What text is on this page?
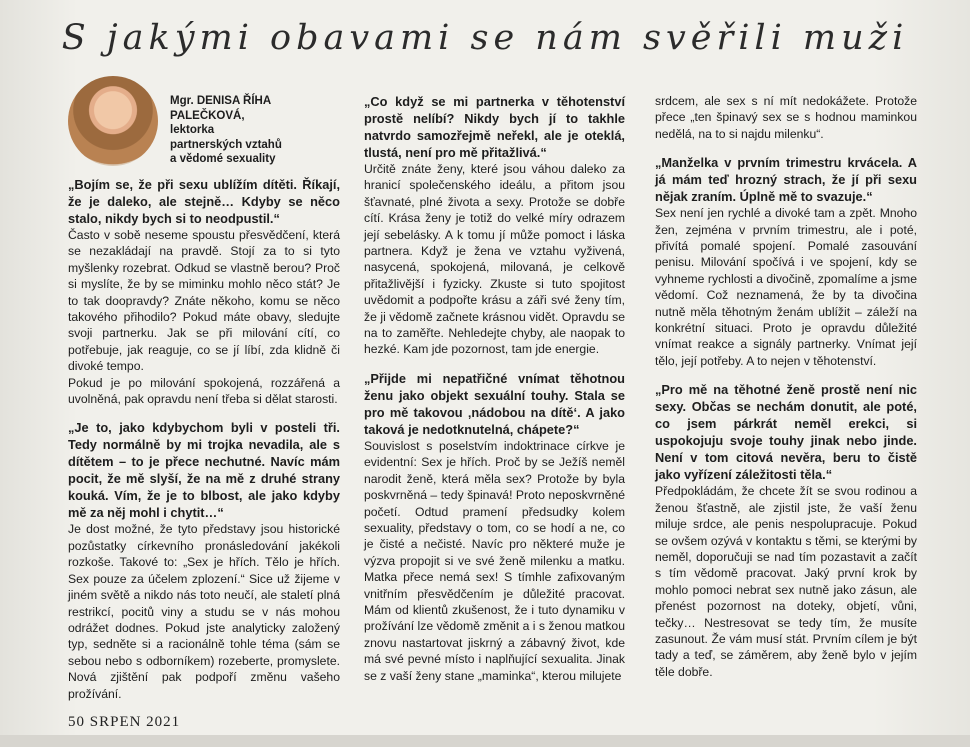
S jakými obavami se nám svěřili muži
Mgr. DENISA ŘÍHA PALEČKOVÁ,
lektorka
partnerských vztahů
a vědomé sexuality

„Bojím se, že při sexu ublížím dítěti. Říkají, že je daleko, ale stejně… Kdyby se něco stalo, nikdy bych si to neodpustil.“

Často v sobě neseme spoustu přesvědčení, která se nezakládají na pravdě. Stojí za to si tyto myšlenky rozebrat. Odkud se vlastně berou? Proč si myslíte, že by se miminku mohlo něco stát? Je to tak doopravdy? Znáte někoho, komu se něco takového přihodilo? Pokud máte obavy, sledujte svoji partnerku. Jak se při milování cítí, co potřebuje, jak reaguje, co se jí líbí, zda klidně či divoké tempo.

Pokud je po milování spokojená, rozzářená a uvolněná, pak opravdu není třeba si dělat starosti.

„Je to, jako kdybychom byli v posteli tři. Tedy normálně by mi trojka nevadila, ale s dítětem – to je přece nechutné. Navíc mám pocit, že mě slyší, že na mě z druhé strany kouká. Vím, že je to blbost, ale jako kdyby mě za něj mohl i chytit…“

Je dost možné, že tyto představy jsou historické pozůstatky církevního pronásledování jakékoli rozkoše. Takové to: „Sex je hřích. Tělo je hřích. Sex pouze za účelem zplození.“ Sice už žijeme v jiném světě a nikdo nás toto neučí, ale staletí plná restrikcí, pocitů viny a studu se v nás mohou odrážet dodnes. Pokud jste analyticky založený typ, sedněte si a racionálně tohle téma (sám se sebou nebo s odborníkem) rozeberte, promyslete. Nová zjištění pak podpoří změnu vašeho prožívání.

„Co když se mi partnerka v těhotenství prostě nelíbí? Nikdy bych jí to takhle natvrdo samozřejmě neřekl, ale je oteklá, tlustá, není pro mě přitažlivá.“

Určitě znáte ženy, které jsou váhou daleko za hranicí společenského ideálu, a přitom jsou šťavnaté, plné života a sexy. Protože se dobře cítí. Krása ženy je totiž do velké míry odrazem její sebelásky. A k tomu jí může pomoct i láska partnera. Když je žena ve vztahu vyživená, nasycená, spokojená, milovaná, je celkově přitažlivější i fyzicky. Zkuste si tuto spojitost uvědomit a podpořte krásu a záři své ženy tím, že ji vědomě začnete krásnou vidět. Opravdu se na to zaměřte. Nehledejte chyby, ale naopak to hezké. Kam jde pozornost, tam jde energie.

„Přijde mi nepatřičné vnímat těhotnou ženu jako objekt sexuální touhy. Stala se pro mě takovou ‚nádobou na dítě‘. A jako taková je nedotknutelná, chápete?“

Souvislost s poselstvím indoktrinace církve je evidentní: Sex je hřích. Proč by se Ježíš neměl narodit ženě, která měla sex? Protože by byla poskvrněná – tedy špinavá! Proto neposkvrněné početí. Odtud pramení předsudky kolem sexuality, představy o tom, co se hodí a ne, co je čisté a nečisté. Navíc pro některé muže je výzva propojit si ve své ženě milenku a matku. Matka přece nemá sex! S tímhle zafixovaným vnitřním přesvědčením je důležité pracovat. Mám od klientů zkušenost, že i tuto dynamiku v prožívání lze vědomě změnit a i s ženou matkou znovu nastartovat jiskrný a zábavný život, kde má své pevné místo i naplňující sexualita. Jinak se z vaší ženy stane „maminka“, kterou milujete

srdcem, ale sex s ní mít nedokážete. Protože přece „ten špinavý sex se s hodnou maminkou nedělá, na to si najdu milenku“.

„Manželka v prvním trimestru krvácela. A já mám teď hrozný strach, že jí při sexu nějak zraním. Úplně mě to svazuje.“

Sex není jen rychlé a divoké tam a zpět. Mnoho žen, zejména v prvním trimestru, ale i poté, přivítá pomalé spojení. Pomalé zasouvání penisu. Milování spočívá i ve spojení, kdy se vyhneme rychlosti a divočině, zpomalíme a jsme vědomí. Což neznamená, že by ta divočina nutně měla těhotným ženám ublížit – záleží na konkrétní situaci. Proto je opravdu důležité vnímat reakce a signály partnerky. Vnímat její tělo, její potřeby. A to nejen v těhotenství.

„Pro mě na těhotné ženě prostě není nic sexy. Občas se nechám donutit, ale poté, co jsem párkrát neměl erekci, si uspokojuju svoje touhy jinak nebo jinde. Není v tom citová nevěra, beru to čistě jako vyřízení záležitosti těla.“

Předpokládám, že chcete žít se svou rodinou a ženou šťastně, ale zjistil jste, že vaší ženu miluje srdce, ale penis nespolupracuje. Pokud se ovšem ozývá v kontaktu s těmi, se kterými by neměl, doporučuji se nad tím pozastavit a začít s tím vědomě pracovat. Jaký první krok by mohlo pomoci nebrat sex nutně jako zásun, ale přenést pozornost na doteky, objetí, vůni, tečky… Nestresovat se tedy tím, že musíte zasunout. Že vám musí stát. Prvním cílem je být tady a teď, se záměrem, aby ženě bylo v jejím těle dobře.

50 SRPEN 2021
